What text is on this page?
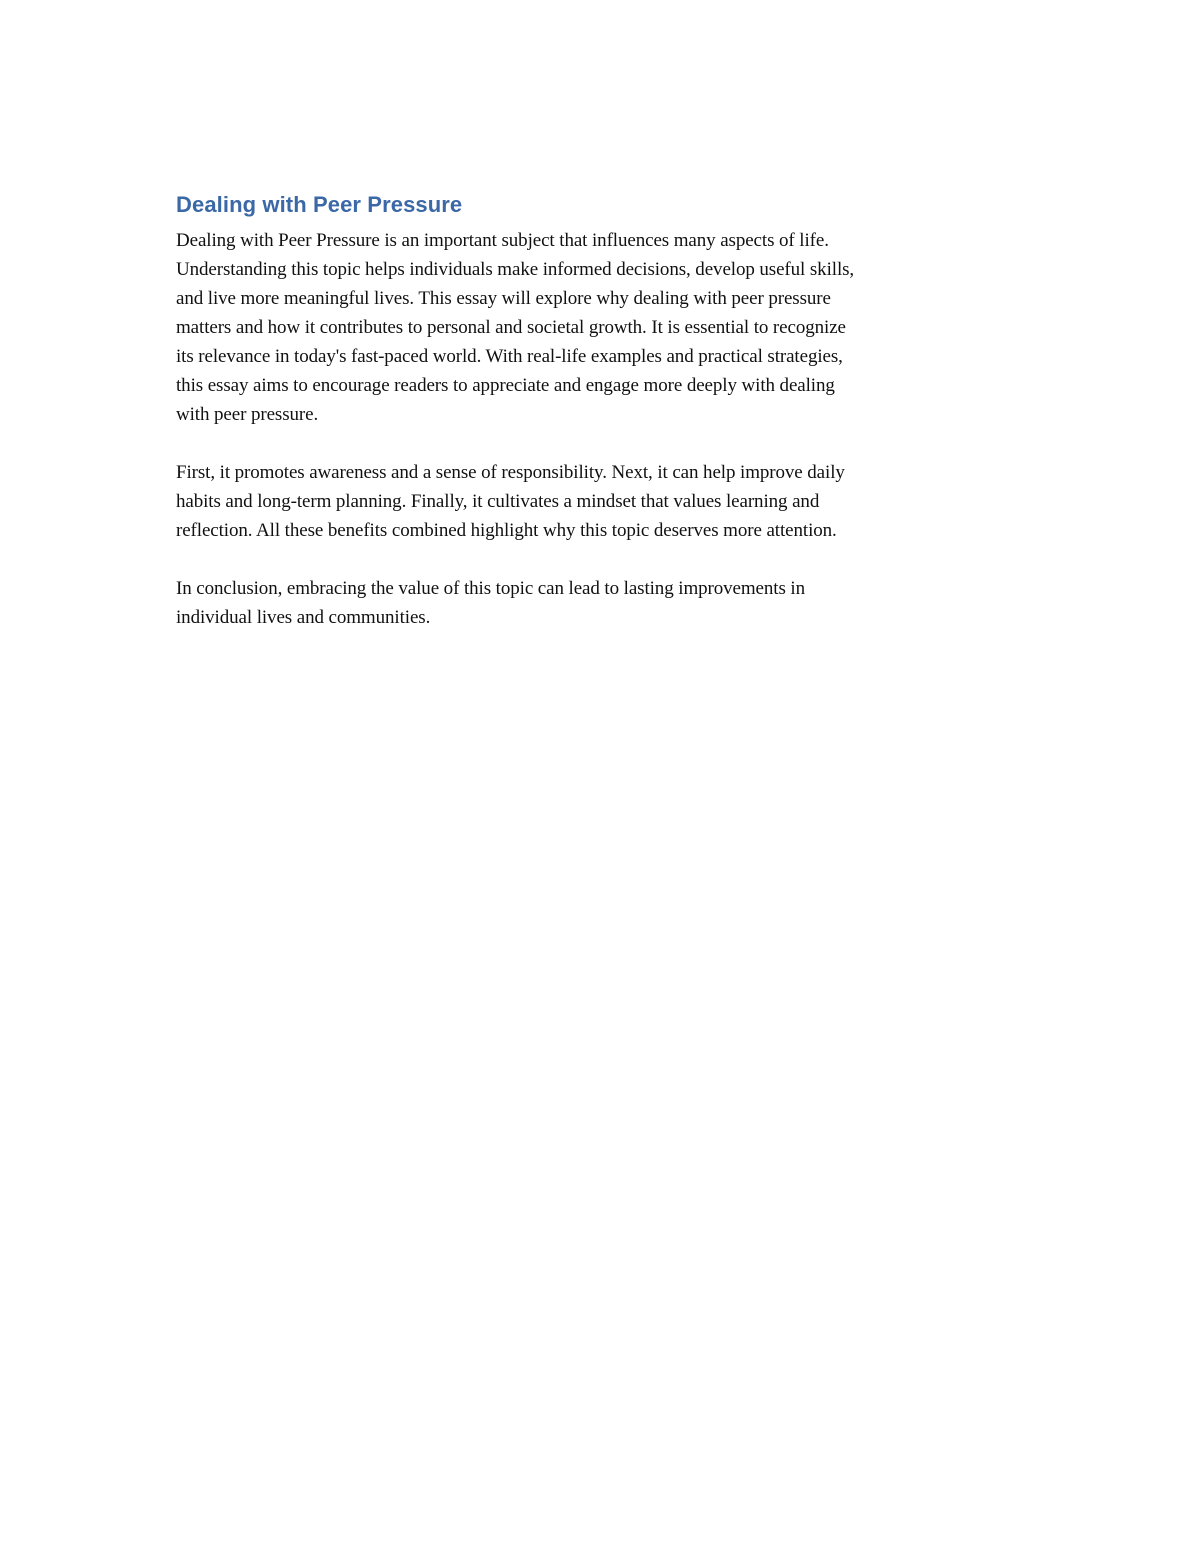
Dealing with Peer Pressure

Dealing with Peer Pressure is an important subject that influences many aspects of life.
Understanding this topic helps individuals make informed decisions, develop useful skills,
and live more meaningful lives. This essay will explore why dealing with peer pressure
matters and how it contributes to personal and societal growth. It is essential to recognize
its relevance in today's fast-paced world. With real-life examples and practical strategies,
this essay aims to encourage readers to appreciate and engage more deeply with dealing
with peer pressure.

First, it promotes awareness and a sense of responsibility. Next, it can help improve daily
habits and long-term planning. Finally, it cultivates a mindset that values learning and
reflection. All these benefits combined highlight why this topic deserves more attention.

In conclusion, embracing the value of this topic can lead to lasting improvements in
individual lives and communities.
